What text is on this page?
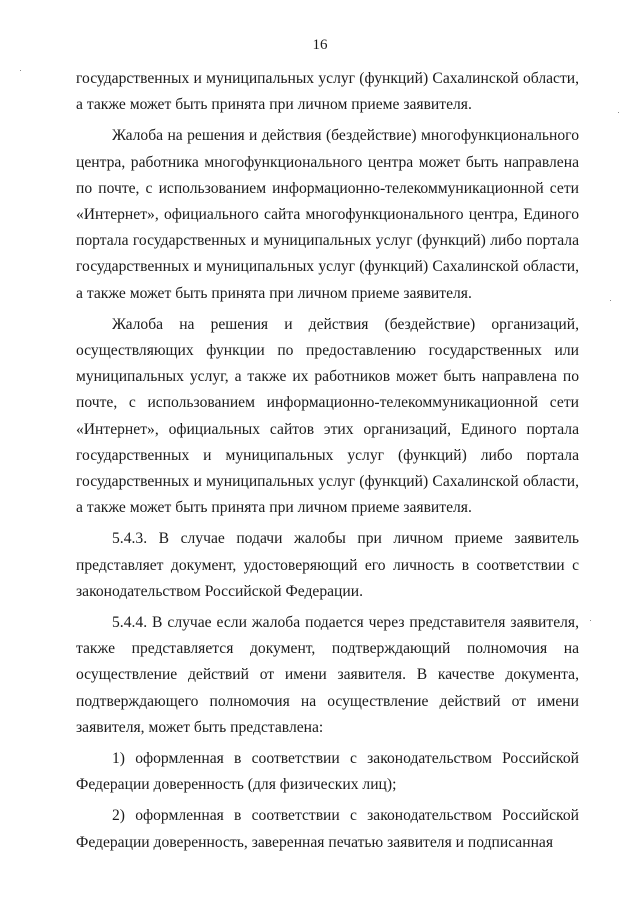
16

государственных и муниципальных услуг (функций) Сахалинской области, а также может быть принята при личном приеме заявителя.

Жалоба на решения и действия (бездействие) многофункционального центра, работника многофункционального центра может быть направлена по почте, с использованием информационно-телекоммуникационной сети «Интернет», официального сайта многофункционального центра, Единого портала государственных и муниципальных услуг (функций) либо портала государственных и муниципальных услуг (функций) Сахалинской области, а также может быть принята при личном приеме заявителя.

Жалоба на решения и действия (бездействие) организаций, осуществляющих функции по предоставлению государственных или муниципальных услуг, а также их работников может быть направлена по почте, с использованием информационно-телекоммуникационной сети «Интернет», официальных сайтов этих организаций, Единого портала государственных и муниципальных услуг (функций) либо портала государственных и муниципальных услуг (функций) Сахалинской области, а также может быть принята при личном приеме заявителя.

5.4.3. В случае подачи жалобы при личном приеме заявитель представляет документ, удостоверяющий его личность в соответствии с законодательством Российской Федерации.

5.4.4. В случае если жалоба подается через представителя заявителя, также представляется документ, подтверждающий полномочия на осуществление действий от имени заявителя. В качестве документа, подтверждающего полномочия на осуществление действий от имени заявителя, может быть представлена:

1) оформленная в соответствии с законодательством Российской Федерации доверенность (для физических лиц);

2) оформленная в соответствии с законодательством Российской Федерации доверенность, заверенная печатью заявителя и подписанная
